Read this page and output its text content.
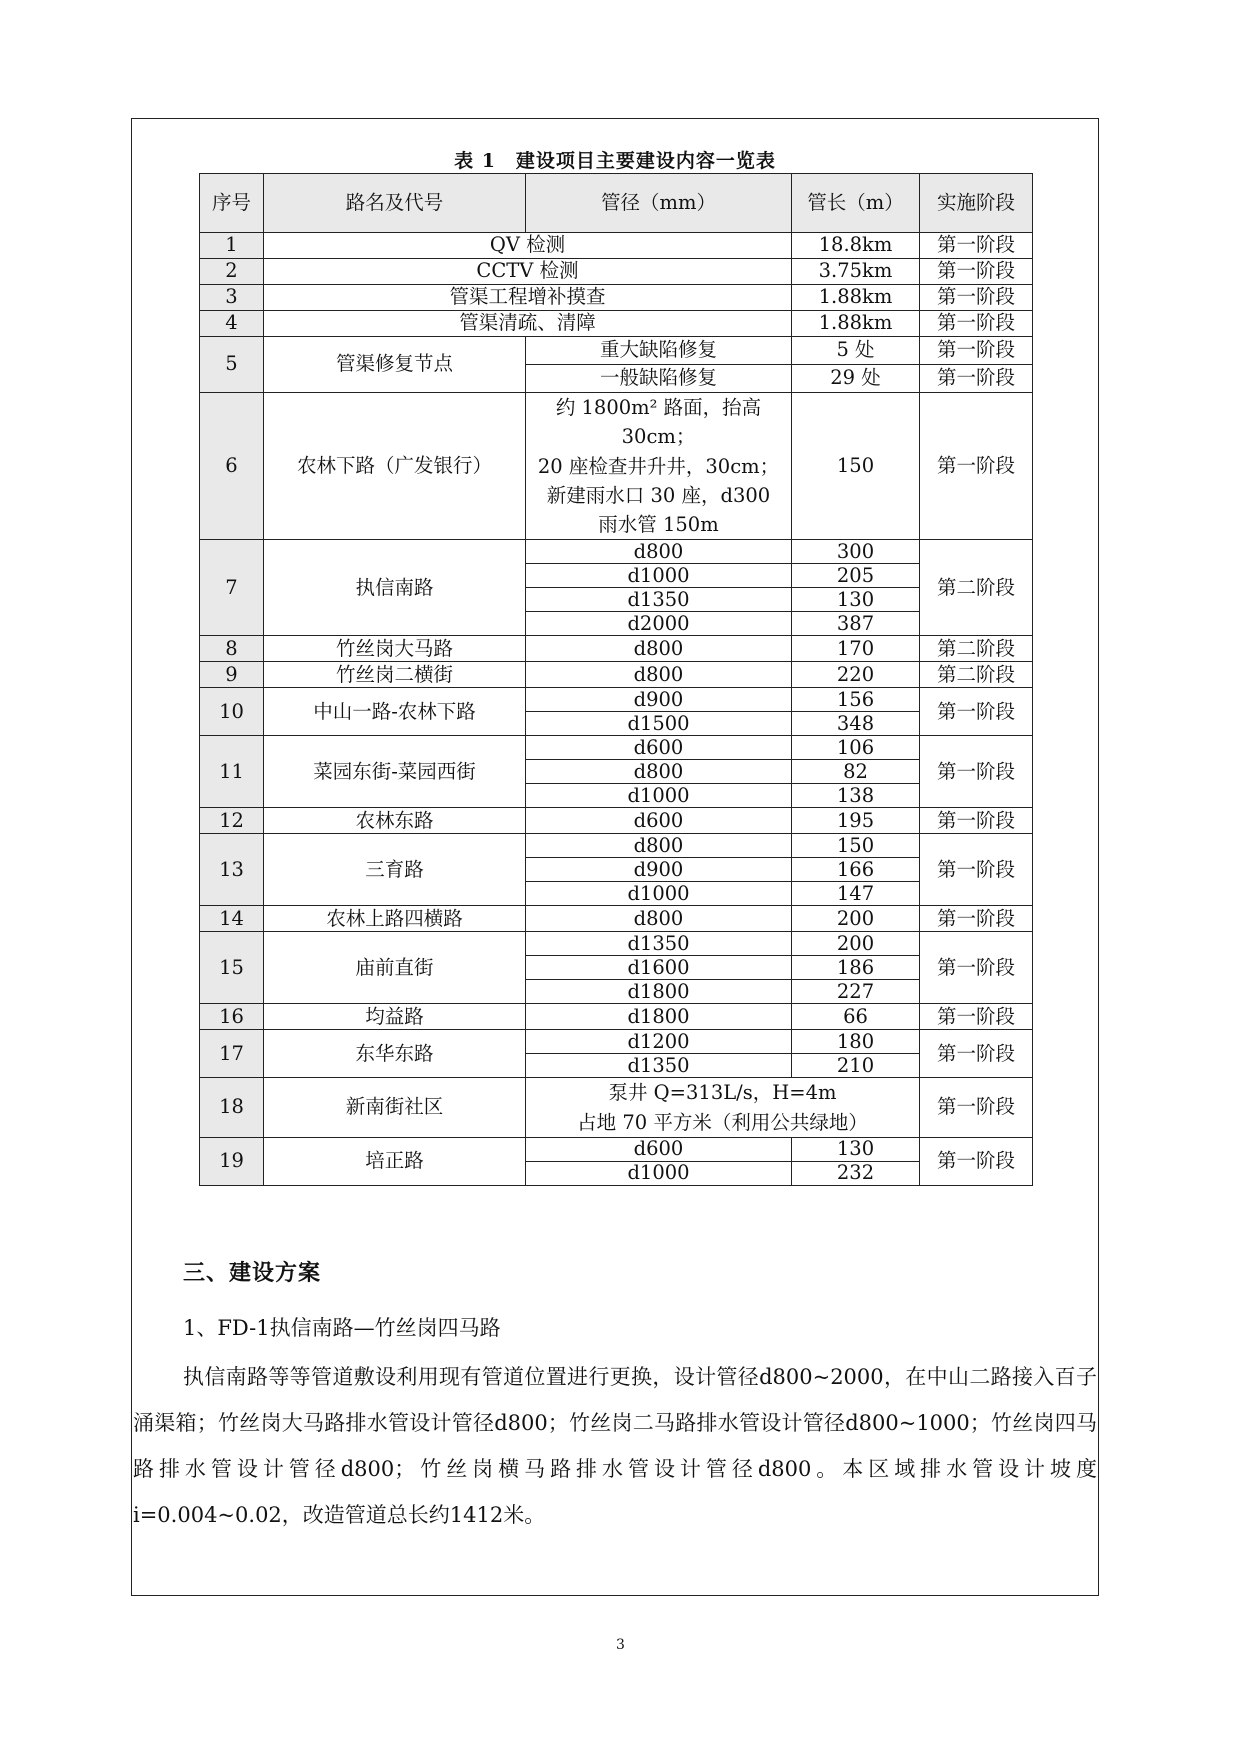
表 1　建设项目主要建设内容一览表
序号	路名及代号	管径（mm）	管长（m）	实施阶段
1	QV 检测		18.8km	第一阶段
2	CCTV 检测		3.75km	第一阶段
3	管渠工程增补摸查		1.88km	第一阶段
4	管渠清疏、清障		1.88km	第一阶段
5	管渠修复节点	重大缺陷修复	5 处	第一阶段
		一般缺陷修复	29 处	第一阶段
6	农林下路（广发银行）	约 1800m² 路面，抬高
30cm；
20 座检查井升井，30cm；
新建雨水口 30 座，d300
雨水管 150m	150	第一阶段
7	执信南路	d800	300	第二阶段
		d1000	205	
		d1350	130	
		d2000	387	
8	竹丝岗大马路	d800	170	第二阶段
9	竹丝岗二横街	d800	220	第二阶段
10	中山一路-农林下路	d900	156	第一阶段
		d1500	348	
11	菜园东街-菜园西街	d600	106	第一阶段
		d800	82	
		d1000	138	
12	农林东路	d600	195	第一阶段
13	三育路	d800	150	第一阶段
		d900	166	
		d1000	147	
14	农林上路四横路	d800	200	第一阶段
15	庙前直街	d1350	200	第一阶段
		d1600	186	
		d1800	227	
16	均益路	d1800	66	第一阶段
17	东华东路	d1200	180	第一阶段
		d1350	210	
18	新南街社区	泵井 Q=313L/s，H=4m
占地 70 平方米（利用公共绿地）		第一阶段
19	培正路	d600	130	第一阶段
		d1000	232	
三、建设方案
1、FD-1执信南路—竹丝岗四马路
执信南路等等管道敷设利用现有管道位置进行更换，设计管径d800~2000，在中山二路接入百子涌渠箱；竹丝岗大马路排水管设计管径d800；竹丝岗二马路排水管设计管径d800~1000；竹丝岗四马路排水管设计管径d800；竹丝岗横马路排水管设计管径d800。本区域排水管设计坡度i=0.004~0.02，改造管道总长约1412米。
3
